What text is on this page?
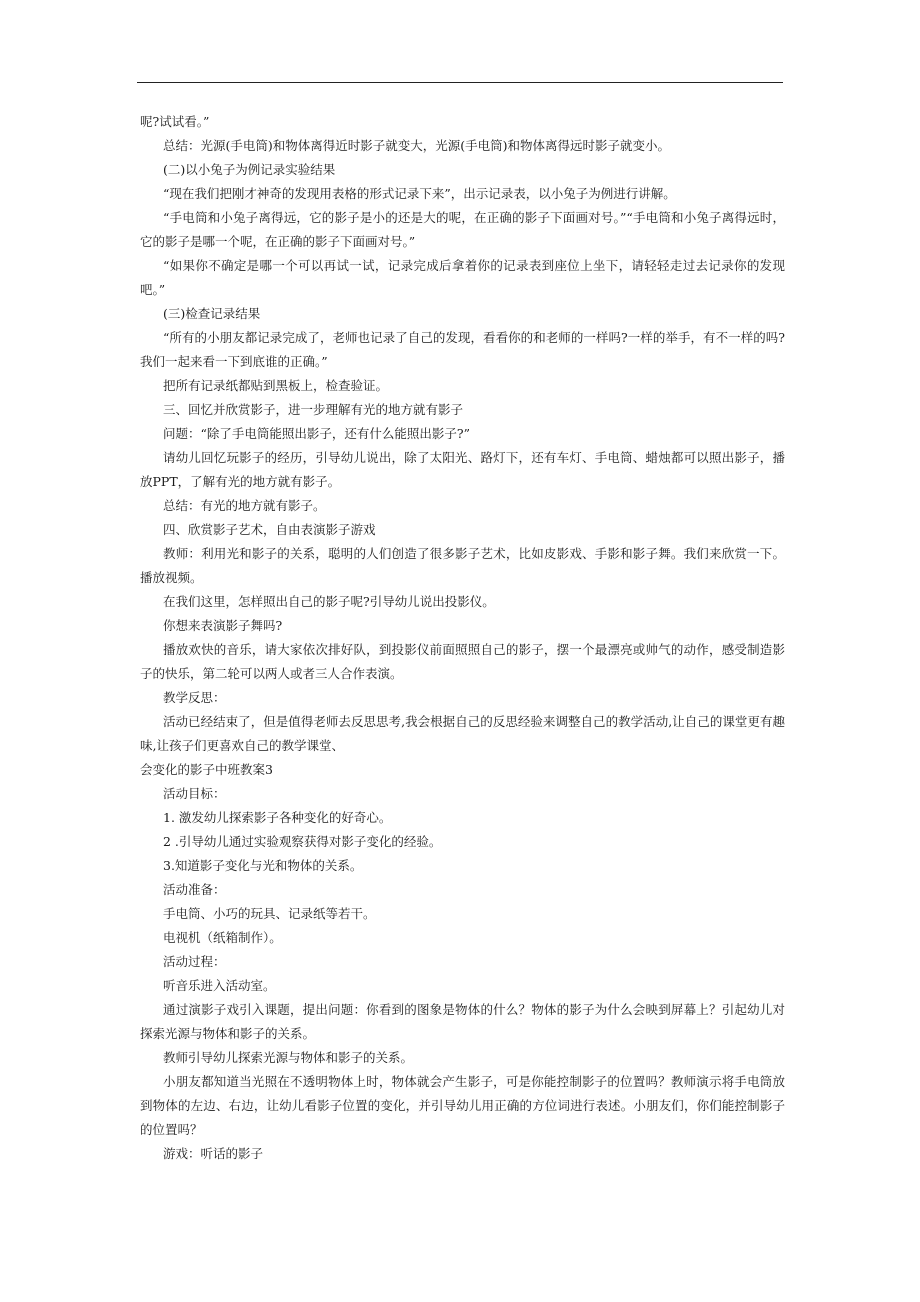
呢?试试看。”

总结：光源(手电筒)和物体离得近时影子就变大，光源(手电筒)和物体离得远时影子就变小。

(二)以小兔子为例记录实验结果

“现在我们把刚才神奇的发现用表格的形式记录下来”，出示记录表，以小兔子为例进行讲解。

“手电筒和小兔子离得远，它的影子是小的还是大的呢，在正确的影子下面画对号。”“手电筒和小兔子离得远时，它的影子是哪一个呢，在正确的影子下面画对号。”

“如果你不确定是哪一个可以再试一试，记录完成后拿着你的记录表到座位上坐下，请轻轻走过去记录你的发现吧。”

(三)检查记录结果

“所有的小朋友都记录完成了，老师也记录了自己的发现，看看你的和老师的一样吗?一样的举手，有不一样的吗?我们一起来看一下到底谁的正确。”

把所有记录纸都贴到黑板上，检查验证。

三、回忆并欣赏影子，进一步理解有光的地方就有影子

问题：“除了手电筒能照出影子，还有什么能照出影子?”

请幼儿回忆玩影子的经历，引导幼儿说出，除了太阳光、路灯下，还有车灯、手电筒、蜡烛都可以照出影子，播放PPT，了解有光的地方就有影子。

总结：有光的地方就有影子。

四、欣赏影子艺术，自由表演影子游戏

教师：利用光和影子的关系，聪明的人们创造了很多影子艺术，比如皮影戏、手影和影子舞。我们来欣赏一下。播放视频。

在我们这里，怎样照出自己的影子呢?引导幼儿说出投影仪。

你想来表演影子舞吗?

播放欢快的音乐，请大家依次排好队，到投影仪前面照照自己的影子，摆一个最漂亮或帅气的动作，感受制造影子的快乐，第二轮可以两人或者三人合作表演。

教学反思：

活动已经结束了，但是值得老师去反思思考,我会根据自己的反思经验来调整自己的教学活动,让自己的课堂更有趣味,让孩子们更喜欢自己的教学课堂、

会变化的影子中班教案3

活动目标：

1. 激发幼儿探索影子各种变化的好奇心。

2 .引导幼儿通过实验观察获得对影子变化的经验。

3.知道影子变化与光和物体的关系。

活动准备：

手电筒、小巧的玩具、记录纸等若干。

电视机（纸箱制作）。

活动过程：

听音乐进入活动室。

通过演影子戏引入课题，提出问题：你看到的图象是物体的什么？物体的影子为什么会映到屏幕上？引起幼儿对探索光源与物体和影子的关系。

教师引导幼儿探索光源与物体和影子的关系。

小朋友都知道当光照在不透明物体上时，物体就会产生影子，可是你能控制影子的位置吗？教师演示将手电筒放到物体的左边、右边，让幼儿看影子位置的变化，并引导幼儿用正确的方位词进行表述。小朋友们，你们能控制影子的位置吗？

游戏：听话的影子
